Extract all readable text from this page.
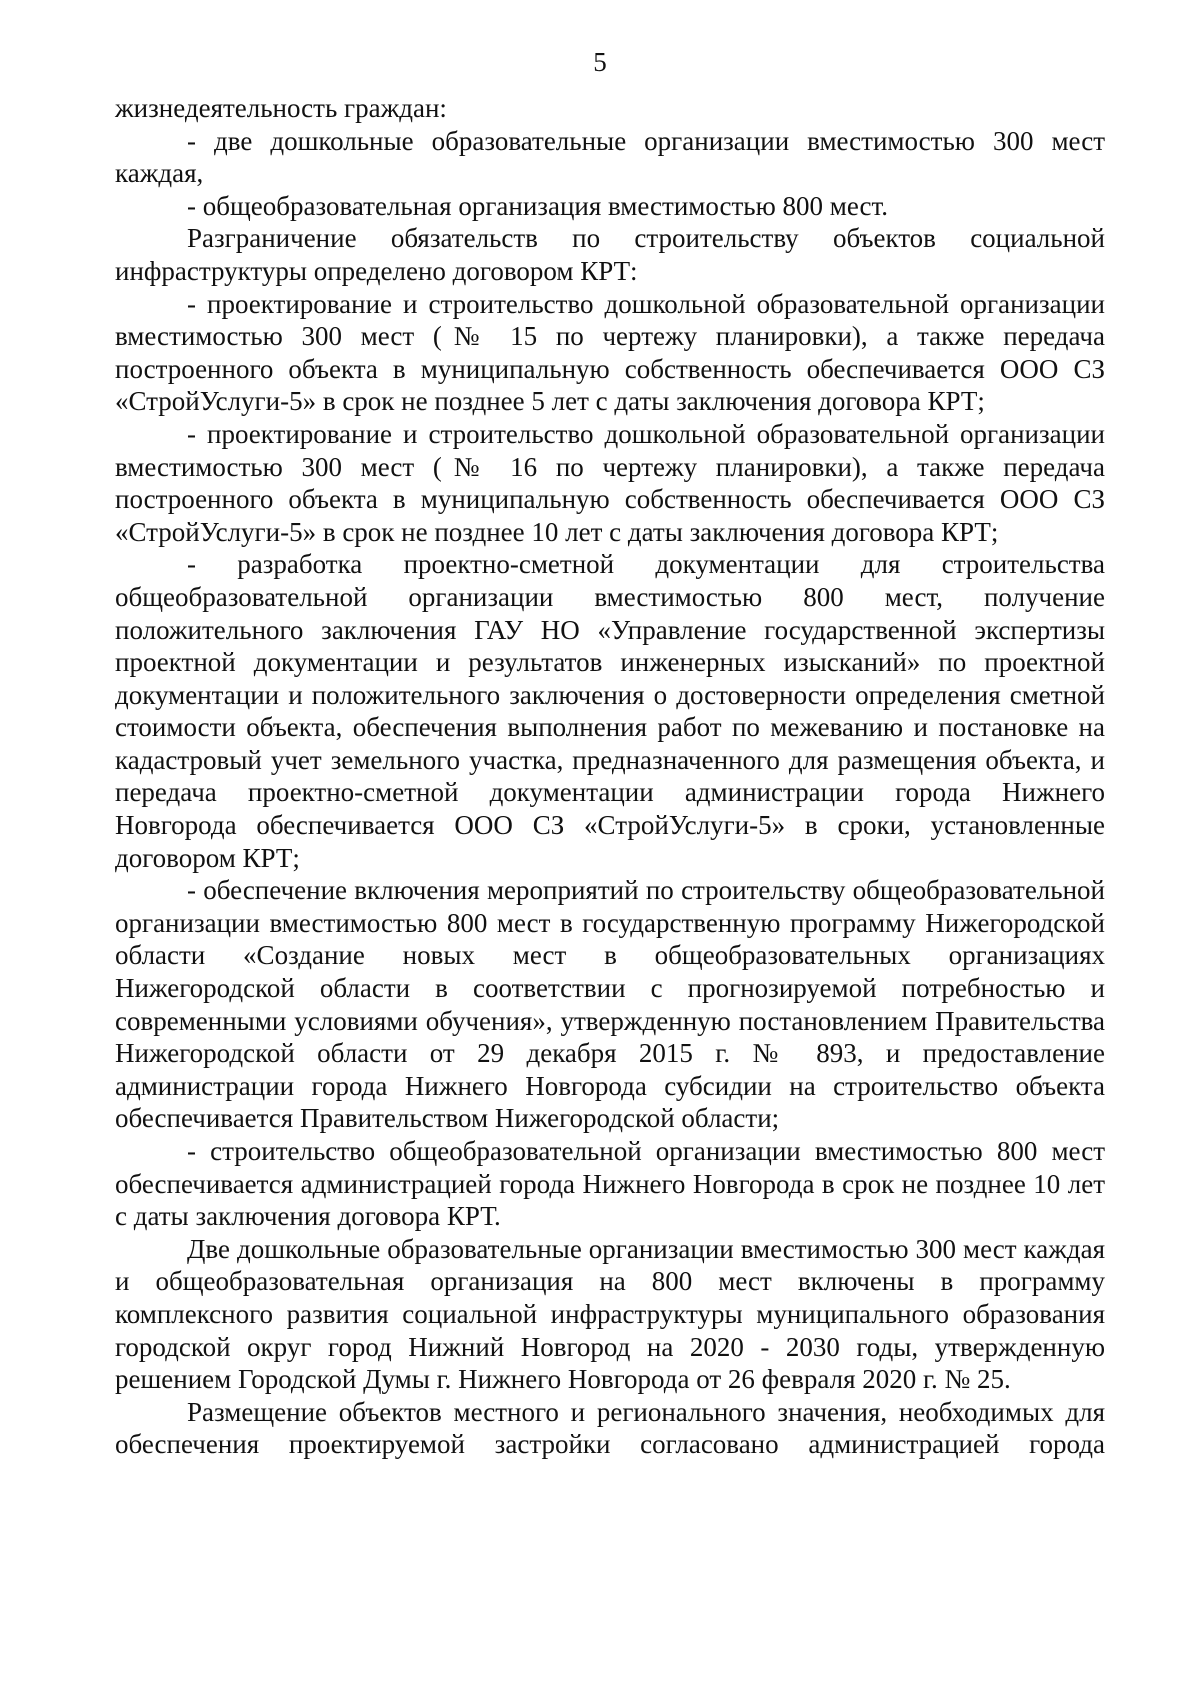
5

жизнедеятельность граждан:

- две дошкольные образовательные организации вместимостью 300 мест каждая,

- общеобразовательная организация вместимостью 800 мест.

Разграничение обязательств по строительству объектов социальной инфраструктуры определено договором КРТ:

- проектирование и строительство дошкольной образовательной организации вместимостью 300 мест (№ 15 по чертежу планировки), а также передача построенного объекта в муниципальную собственность обеспечивается ООО СЗ «СтройУслуги-5» в срок не позднее 5 лет с даты заключения договора КРТ;

- проектирование и строительство дошкольной образовательной организации вместимостью 300 мест (№ 16 по чертежу планировки), а также передача построенного объекта в муниципальную собственность обеспечивается ООО СЗ «СтройУслуги-5» в срок не позднее 10 лет с даты заключения договора КРТ;

- разработка проектно-сметной документации для строительства общеобразовательной организации вместимостью 800 мест, получение положительного заключения ГАУ НО «Управление государственной экспертизы проектной документации и результатов инженерных изысканий» по проектной документации и положительного заключения о достоверности определения сметной стоимости объекта, обеспечения выполнения работ по межеванию и постановке на кадастровый учет земельного участка, предназначенного для размещения объекта, и передача проектно-сметной документации администрации города Нижнего Новгорода обеспечивается ООО СЗ «СтройУслуги-5» в сроки, установленные договором КРТ;

- обеспечение включения мероприятий по строительству общеобразовательной организации вместимостью 800 мест в государственную программу Нижегородской области «Создание новых мест в общеобразовательных организациях Нижегородской области в соответствии с прогнозируемой потребностью и современными условиями обучения», утвержденную постановлением Правительства Нижегородской области от 29 декабря 2015 г. № 893, и предоставление администрации города Нижнего Новгорода субсидии на строительство объекта обеспечивается Правительством Нижегородской области;

- строительство общеобразовательной организации вместимостью 800 мест обеспечивается администрацией города Нижнего Новгорода в срок не позднее 10 лет с даты заключения договора КРТ.

Две дошкольные образовательные организации вместимостью 300 мест каждая и общеобразовательная организация на 800 мест включены в программу комплексного развития социальной инфраструктуры муниципального образования городской округ город Нижний Новгород на 2020 - 2030 годы, утвержденную решением Городской Думы г. Нижнего Новгорода от 26 февраля 2020 г. № 25.

Размещение объектов местного и регионального значения, необходимых для обеспечения проектируемой застройки согласовано администрацией города
